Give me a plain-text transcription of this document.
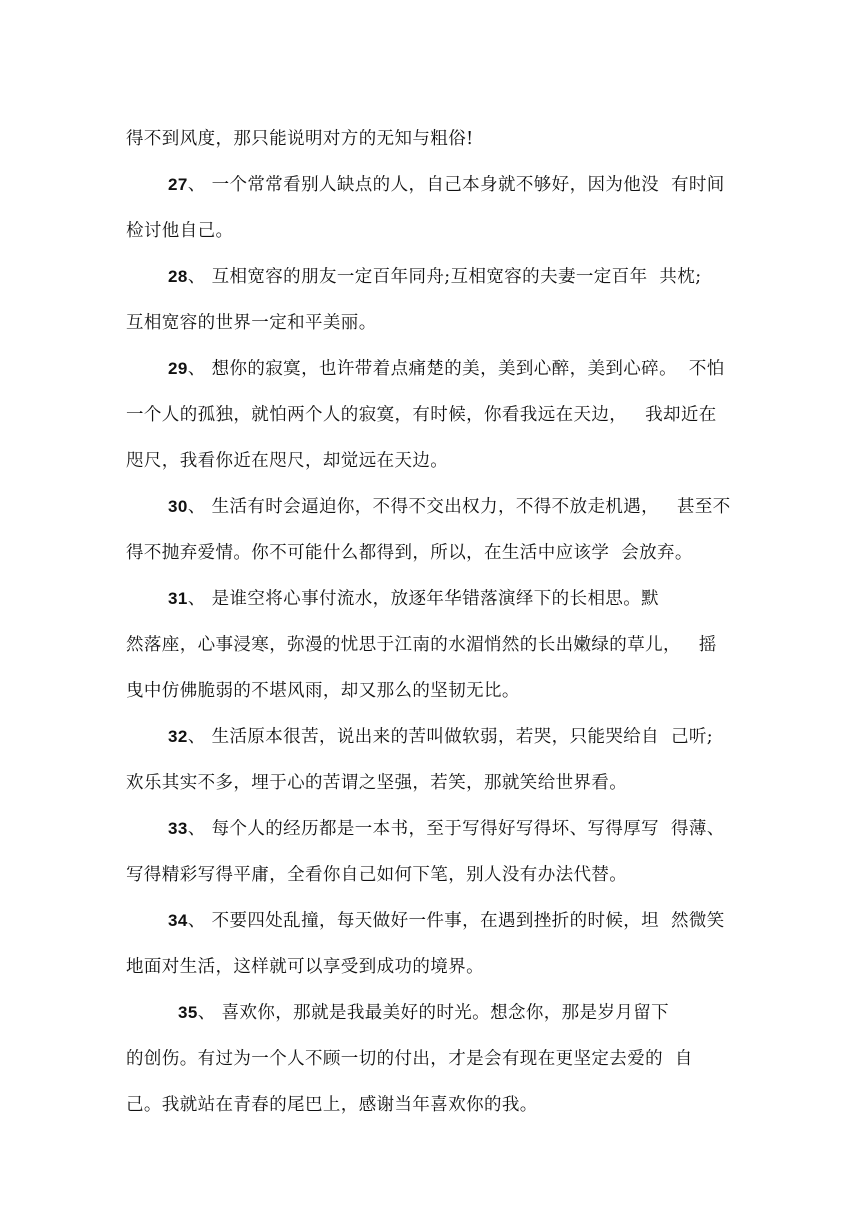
得不到风度，那只能说明对方的无知与粗俗!
27、 一个常常看别人缺点的人，自己本身就不够好，因为他没  有时间
检讨他自己。
28、 互相宽容的朋友一定百年同舟;互相宽容的夫妻一定百年  共枕;
互相宽容的世界一定和平美丽。
29、 想你的寂寞，也许带着点痛楚的美，美到心醉，美到心碎。  不怕
一个人的孤独，就怕两个人的寂寞，有时候，你看我远在天边，   我却近在
咫尺，我看你近在咫尺，却觉远在天边。
30、 生活有时会逼迫你，不得不交出权力，不得不放走机遇，   甚至不
得不抛弃爱情。你不可能什么都得到，所以，在生活中应该学  会放弃。
31、 是谁空将心事付流水，放逐年华错落演绎下的长相思。默
然落座，心事浸寒，弥漫的忧思于江南的水湄悄然的长出嫩绿的草儿，   摇
曳中仿佛脆弱的不堪风雨，却又那么的坚韧无比。
32、 生活原本很苦，说出来的苦叫做软弱，若哭，只能哭给自  己听;
欢乐其实不多，埋于心的苦谓之坚强，若笑，那就笑给世界看。
33、 每个人的经历都是一本书，至于写得好写得坏、写得厚写  得薄、
写得精彩写得平庸，全看你自己如何下笔，别人没有办法代替。
34、 不要四处乱撞，每天做好一件事，在遇到挫折的时候，坦  然微笑
地面对生活，这样就可以享受到成功的境界。
35、 喜欢你，那就是我最美好的时光。想念你，那是岁月留下
的创伤。有过为一个人不顾一切的付出，才是会有现在更坚定去爱的  自
己。我就站在青春的尾巴上，感谢当年喜欢你的我。
